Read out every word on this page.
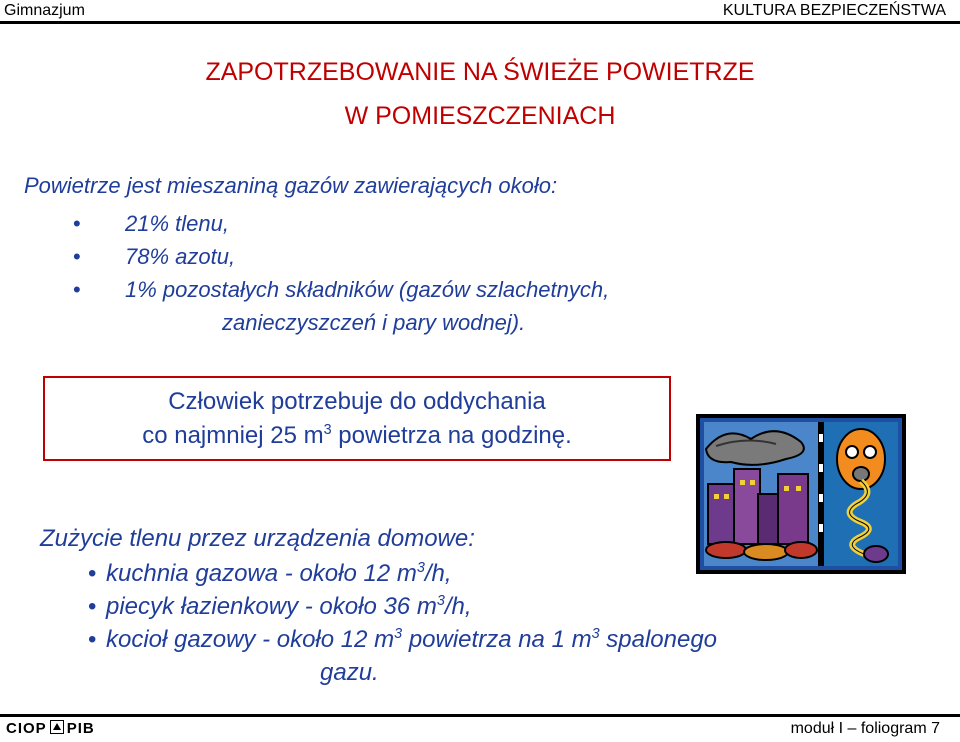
Gimnazjum	KULTURA BEZPIECZEŃSTWA
ZAPOTRZEBOWANIE NA ŚWIEŻE POWIETRZE
W POMIESZCZENIACH
Powietrze jest mieszaniną gazów zawierających około:
• 21% tlenu,
• 78% azotu,
• 1% pozostałych składników (gazów szlachetnych,
zanieczyszczeń i pary wodnej).
Człowiek potrzebuje do oddychania
co najmniej 25 $m^3$ powietrza na godzinę.
Zużycie tlenu przez urządzenia domowe:
• kuchnia gazowa - około 12 $m^3/h$,
• piecyk łazienkowy - około 36 $m^3/h$,
• kocioł gazowy - około 12 $m^3$ powietrza na 1 $m^3$ spalonego
gazu.
CIOP PIB	moduł I – foliogram 7
